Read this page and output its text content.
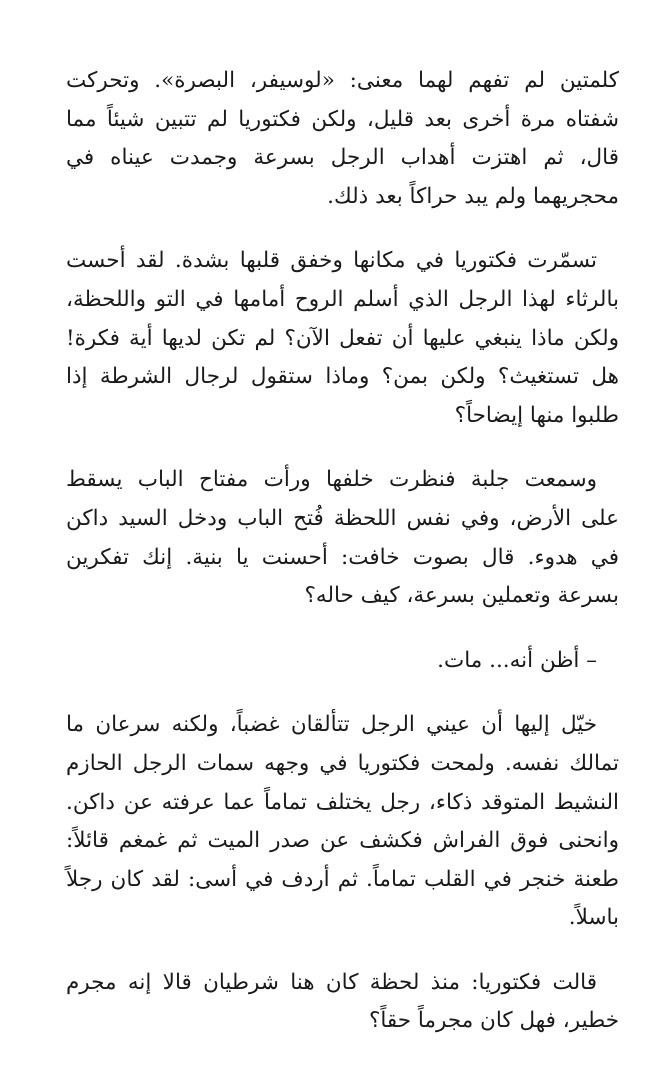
كلمتين لم تفهم لهما معنى: «لوسيفر، البصرة». وتحركت
شفتاه مرة أخرى بعد قليل، ولكن فكتوريا لم تتبين شيئاً مما
قال، ثم اهتزت أهداب الرجل بسرعة وجمدت عيناه في
محجريهما ولم يبد حراكاً بعد ذلك.
تسمّرت فكتوريا في مكانها وخفق قلبها بشدة. لقد أحست
بالرثاء لهذا الرجل الذي أسلم الروح أمامها في التو واللحظة،
ولكن ماذا ينبغي عليها أن تفعل الآن؟ لم تكن لديها أية فكرة!
هل تستغيث؟ ولكن بمن؟ وماذا ستقول لرجال الشرطة إذا
طلبوا منها إيضاحاً؟
وسمعت جلبة فنظرت خلفها ورأت مفتاح الباب يسقط
على الأرض، وفي نفس اللحظة فُتح الباب ودخل السيد داكن
في هدوء. قال بصوت خافت: أحسنت يا بنية. إنك تفكرين
بسرعة وتعملين بسرعة، كيف حاله؟
– أظن أنه... مات.
خيّل إليها أن عيني الرجل تتألقان غضباً، ولكنه سرعان ما
تمالك نفسه. ولمحت فكتوريا في وجهه سمات الرجل الحازم
النشيط المتوقد ذكاء، رجل يختلف تماماً عما عرفته عن داكن.
وانحنى فوق الفراش فكشف عن صدر الميت ثم غمغم قائلاً:
طعنة خنجر في القلب تماماً. ثم أردف في أسى: لقد كان رجلاً
باسلاً.
قالت فكتوريا: منذ لحظة كان هنا شرطيان قالا إنه مجرم
خطير، فهل كان مجرماً حقاً؟
